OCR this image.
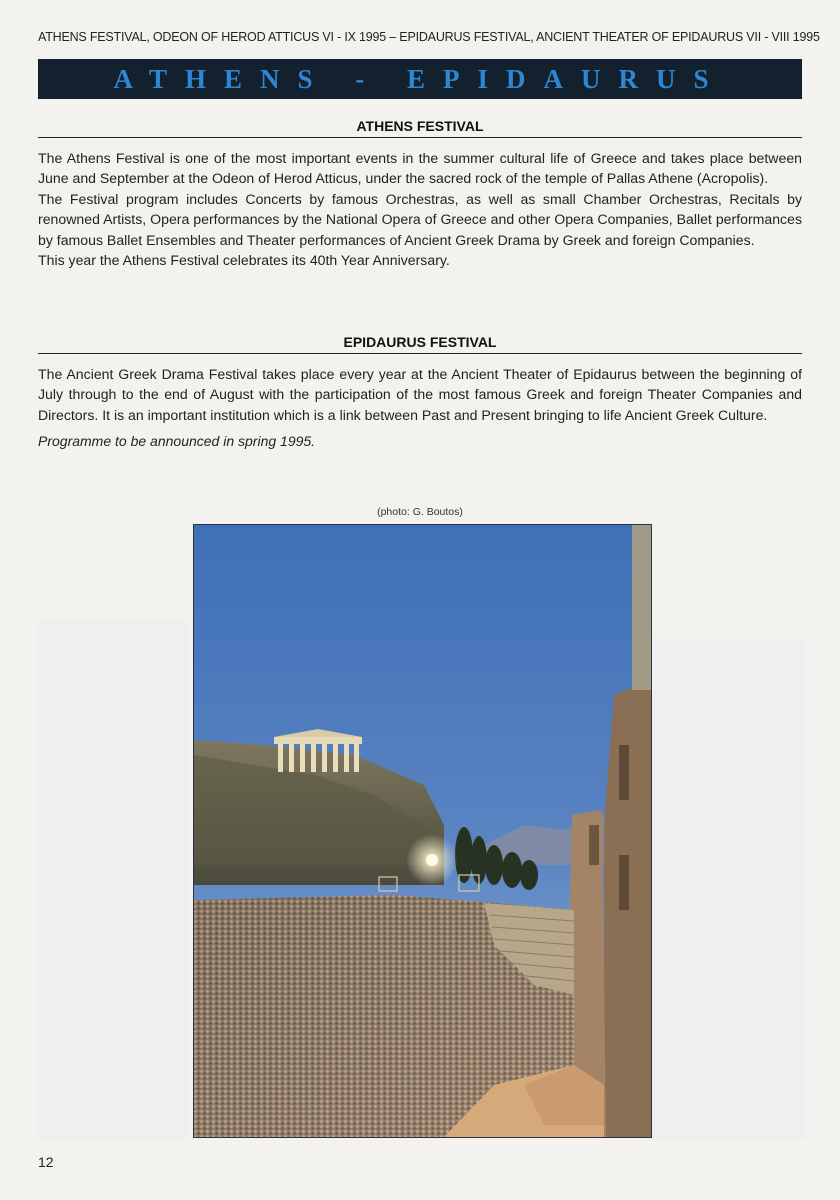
ATHENS FESTIVAL, ODEON OF HEROD ATTICUS VI - IX 1995 – EPIDAURUS FESTIVAL, ANCIENT THEATER OF EPIDAURUS VII - VIII 1995
ATHENS - EPIDAURUS
ATHENS FESTIVAL

The Athens Festival is one of the most important events in the summer cultural life of Greece and takes place between June and September at the Odeon of Herod Atticus, under the sacred rock of the temple of Pallas Athene (Acropolis).

The Festival program includes Concerts by famous Orchestras, as well as small Chamber Orchestras, Recitals by renowned Artists, Opera performances by the National Opera of Greece and other Opera Companies, Ballet performances by famous Ballet Ensembles and Theater performances of Ancient Greek Drama by Greek and foreign Companies.

This year the Athens Festival celebrates its 40th Year Anniversary.

EPIDAURUS FESTIVAL
The Ancient Greek Drama Festival takes place every year at the Ancient Theater of Epidaurus between the beginning of July through to the end of August with the participation of the most famous Greek and foreign Theater Companies and Directors. It is an important institution which is a link between Past and Present bringing to life Ancient Greek Culture.
Programme to be announced in spring 1995.
(photo: G. Boutos)
12
